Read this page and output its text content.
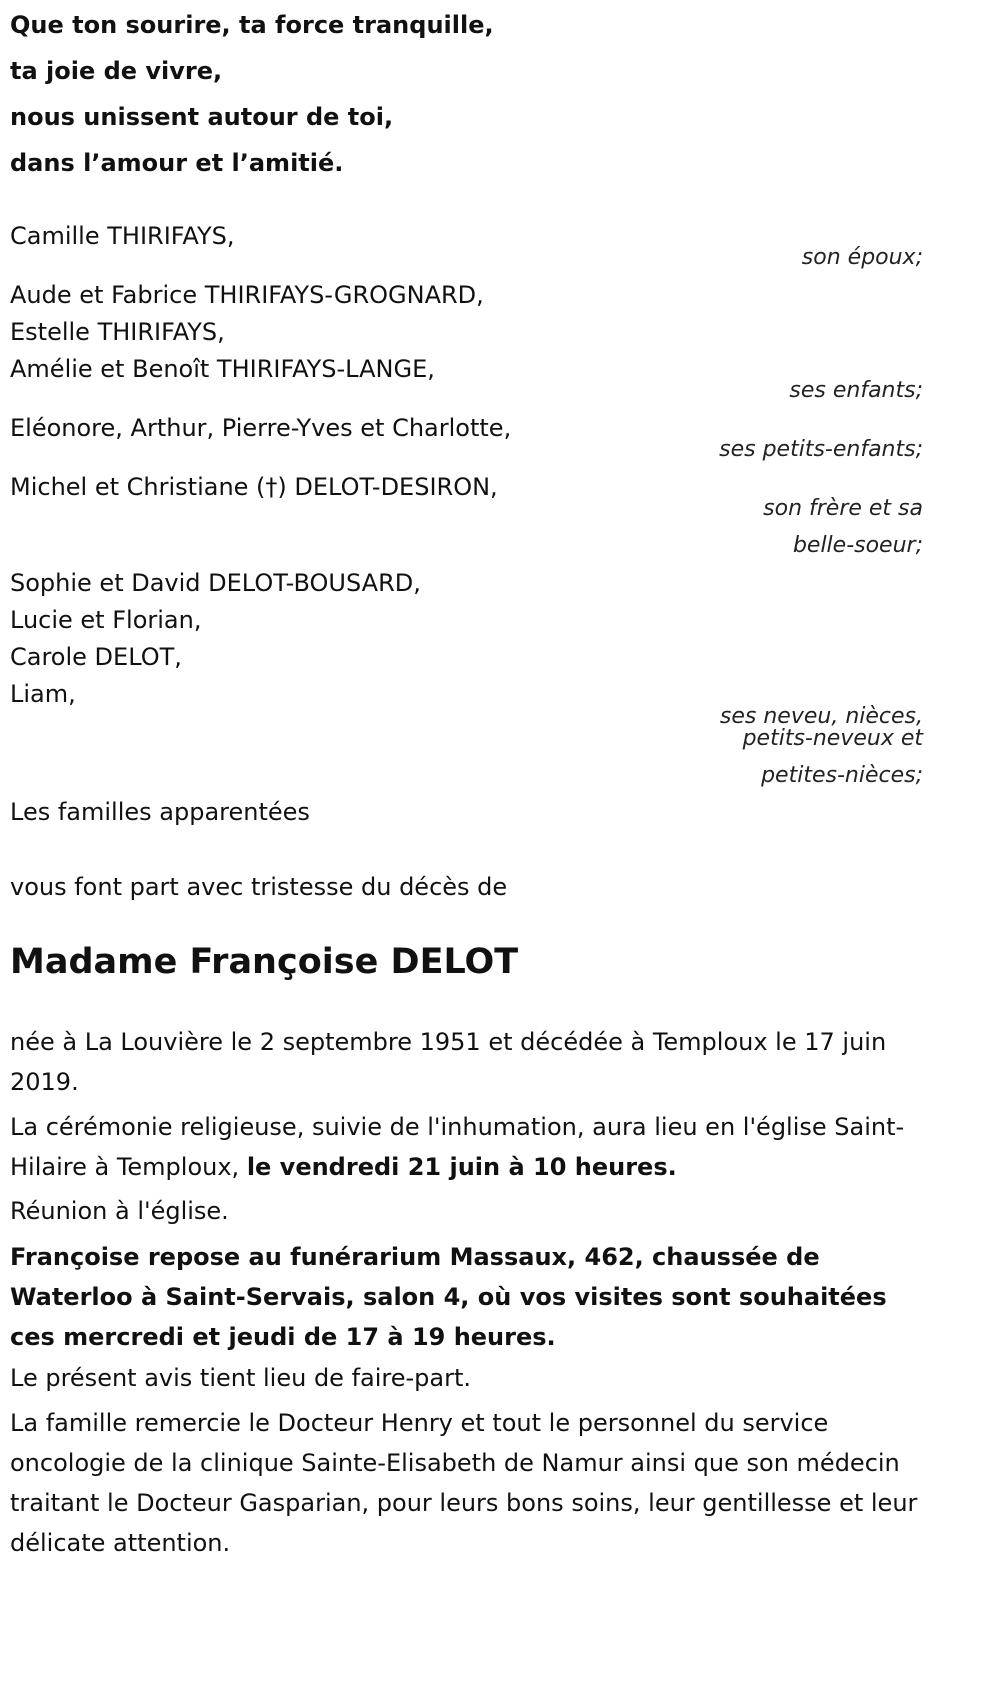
Que ton sourire, ta force tranquille,
ta joie de vivre,
nous unissent autour de toi,
dans l’amour et l’amitié.
Camille THIRIFAYS,
son époux;
Aude et Fabrice THIRIFAYS-GROGNARD,
Estelle THIRIFAYS,
Amélie et Benoît THIRIFAYS-LANGE,
ses enfants;
Eléonore, Arthur, Pierre-Yves et Charlotte,
ses petits-enfants;
Michel et Christiane (†) DELOT-DESIRON,
son frère et sa
belle-soeur;
Sophie et David DELOT-BOUSARD,
Lucie et Florian,
Carole DELOT,
Liam,
ses neveu, nièces,
petits-neveux et
petites-nièces;
Les familles apparentées
vous font part avec tristesse du décès de
Madame Françoise DELOT
née à La Louvière le 2 septembre 1951 et décédée à Temploux le 17 juin 2019.
La cérémonie religieuse, suivie de l'inhumation, aura lieu en l'église Saint-Hilaire à Temploux, le vendredi 21 juin à 10 heures.
Réunion à l'église.
Françoise repose au funérarium Massaux, 462, chaussée de Waterloo à Saint-Servais, salon 4, où vos visites sont souhaitées ces mercredi et jeudi de 17 à 19 heures.
Le présent avis tient lieu de faire-part.
La famille remercie le Docteur Henry et tout le personnel du service oncologie de la clinique Sainte-Elisabeth de Namur ainsi que son médecin traitant le Docteur Gasparian, pour leurs bons soins, leur gentillesse et leur délicate attention.
